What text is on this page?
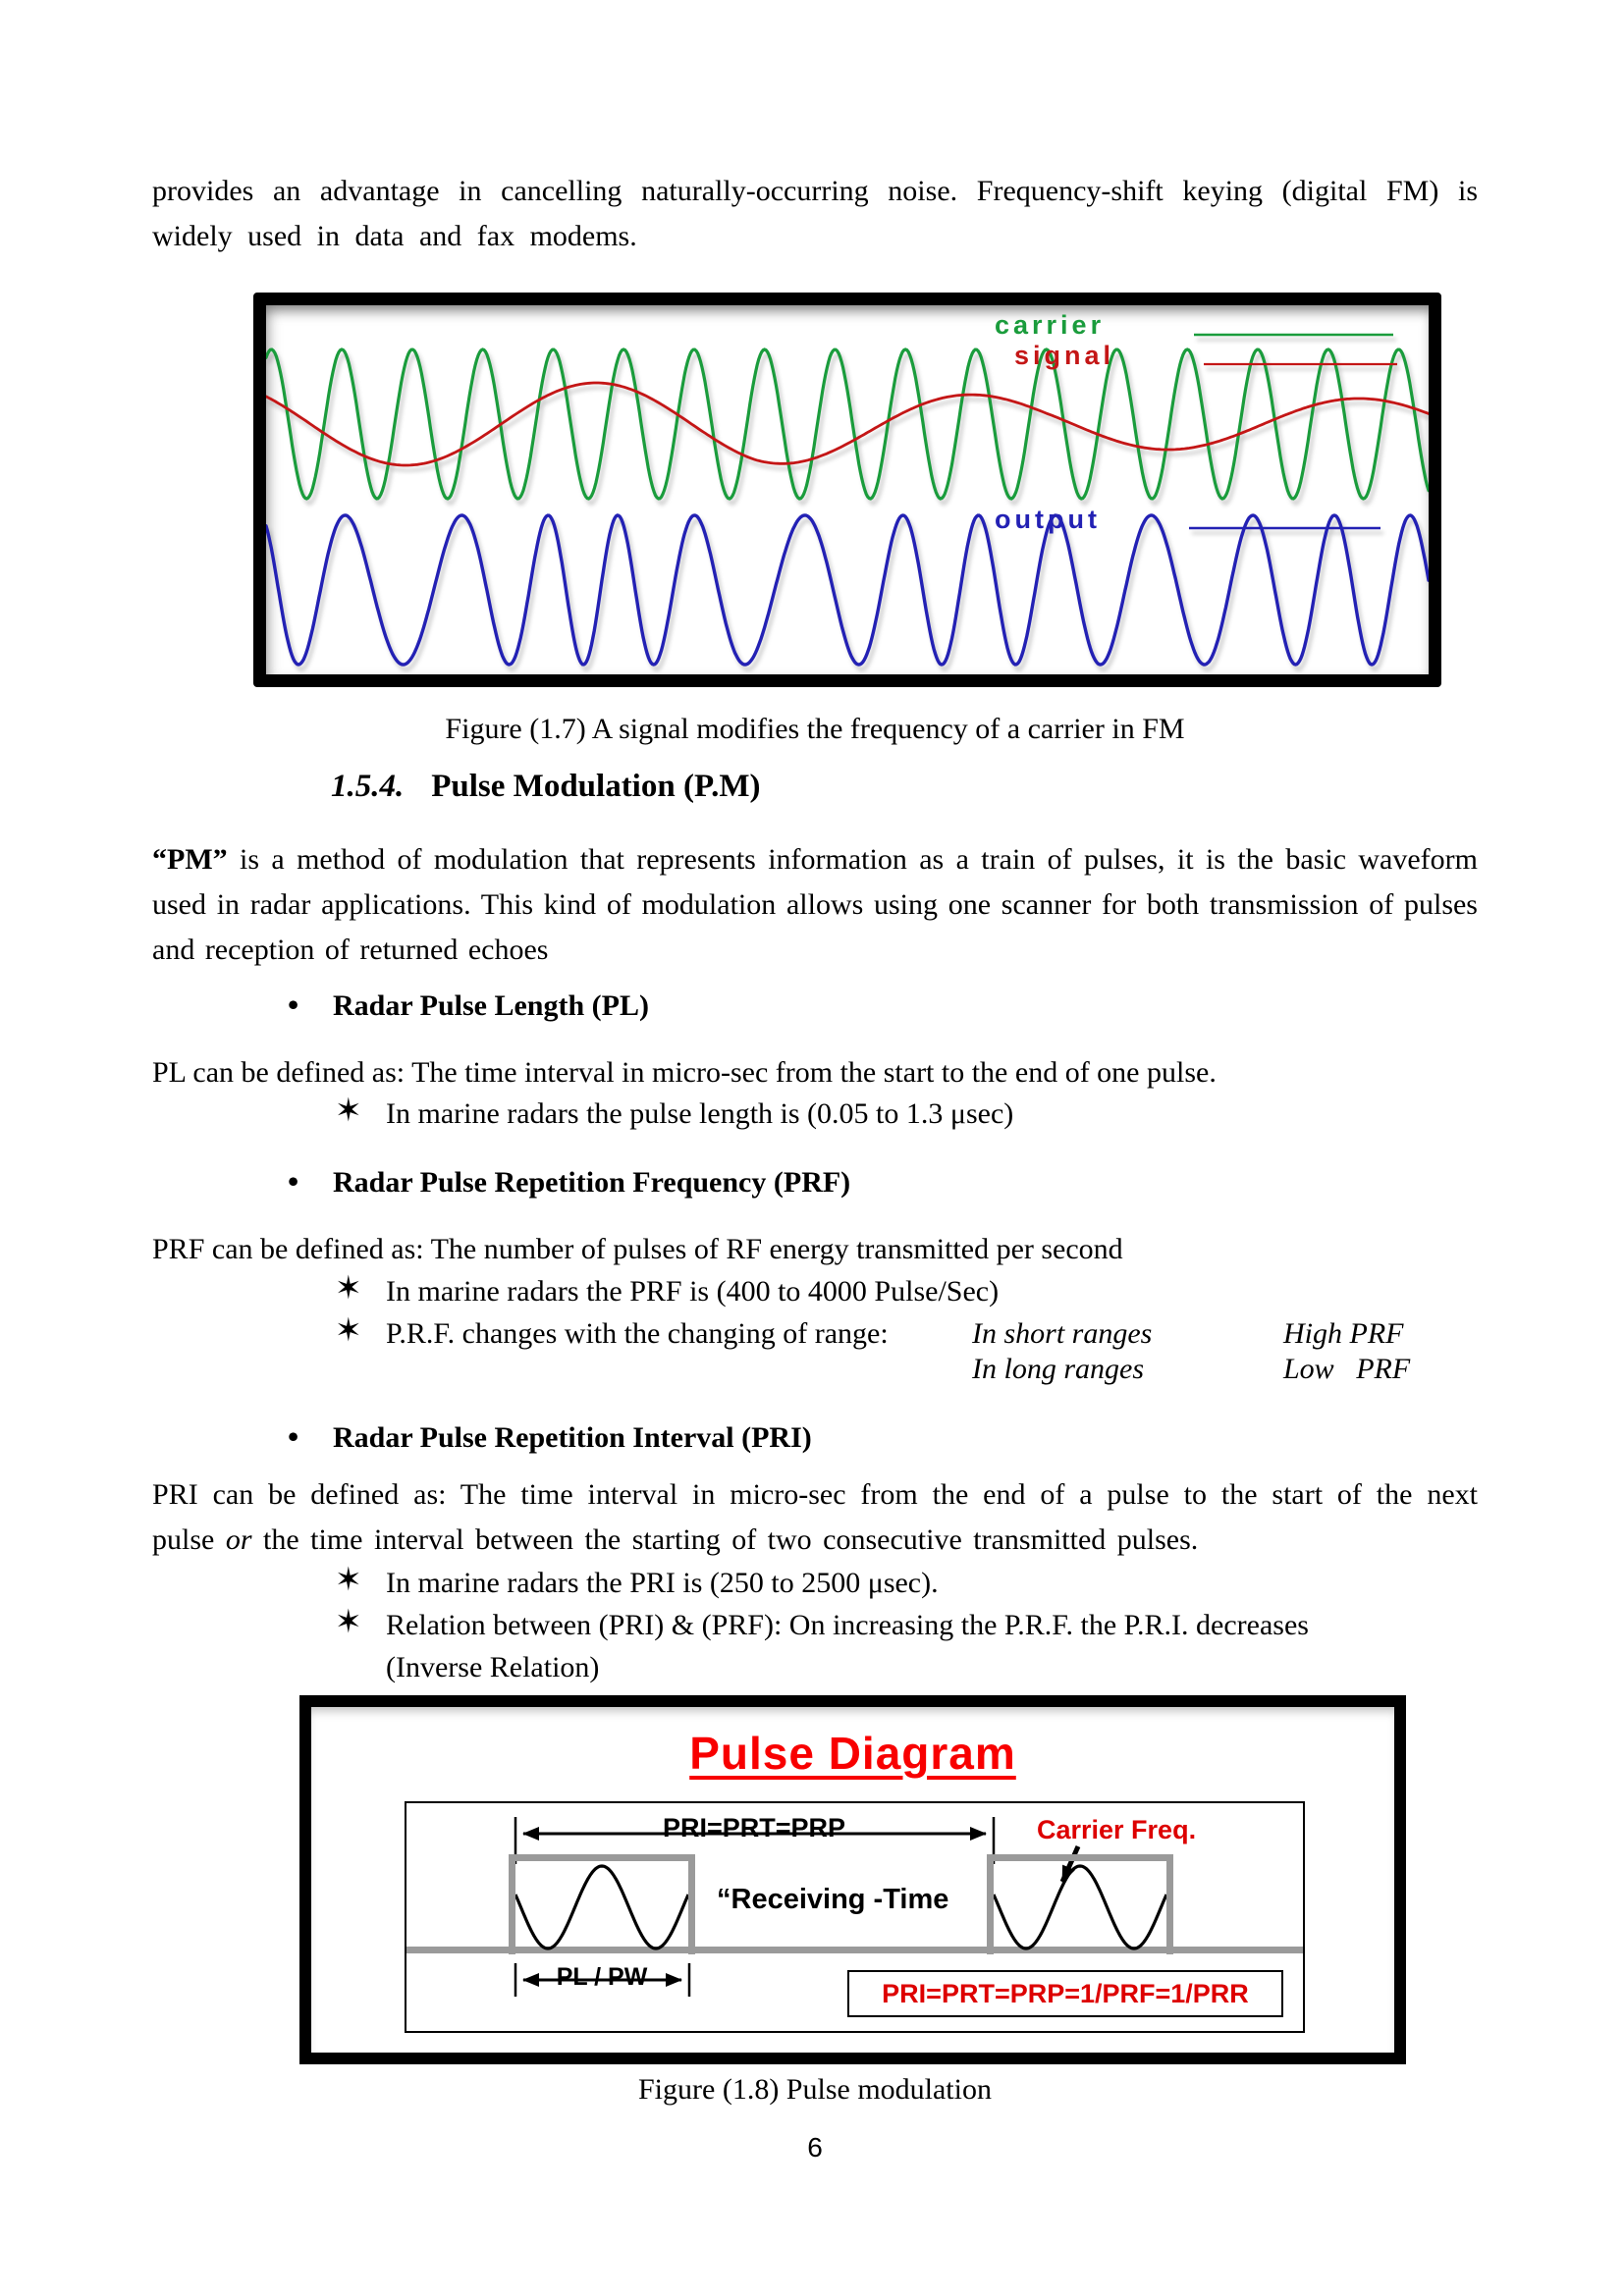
provides an advantage in cancelling naturally-occurring noise. Frequency-shift keying (digital FM) is widely used in data and fax modems.

carrier
signal
output
Figure (1.7) A signal modifies the frequency of a carrier in FM
1.5.4. Pulse Modulation (P.M)

“PM” is a method of modulation that represents information as a train of pulses, it is the basic waveform used in radar applications. This kind of modulation allows using one scanner for both transmission of pulses and reception of returned echoes

• Radar Pulse Length (PL)
PL can be defined as: The time interval in micro-sec from the start to the end of one pulse.
✶ In marine radars the pulse length is (0.05 to 1.3 μsec)
• Radar Pulse Repetition Frequency (PRF)
PRF can be defined as: The number of pulses of RF energy transmitted per second
✶ In marine radars the PRF is (400 to 4000 Pulse/Sec)
✶ P.R.F. changes with the changing of range:	In short ranges	High PRF
In long ranges	Low   PRF
• Radar Pulse Repetition Interval (PRI)

PRI can be defined as: The time interval in micro-sec from the end of a pulse to the start of the next pulse or the time interval between the starting of two consecutive transmitted pulses.

✶ In marine radars the PRI is (250 to 2500 μsec).
✶ Relation between (PRI) & (PRF): On increasing the P.R.F. the P.R.I. decreases
(Inverse Relation)
Pulse Diagram
PRI=PRT=PRP	Carrier Freq.
“Receiving -Time
PL / PW
PRI=PRT=PRP=1/PRF=1/PRR
Figure (1.8) Pulse modulation
6
